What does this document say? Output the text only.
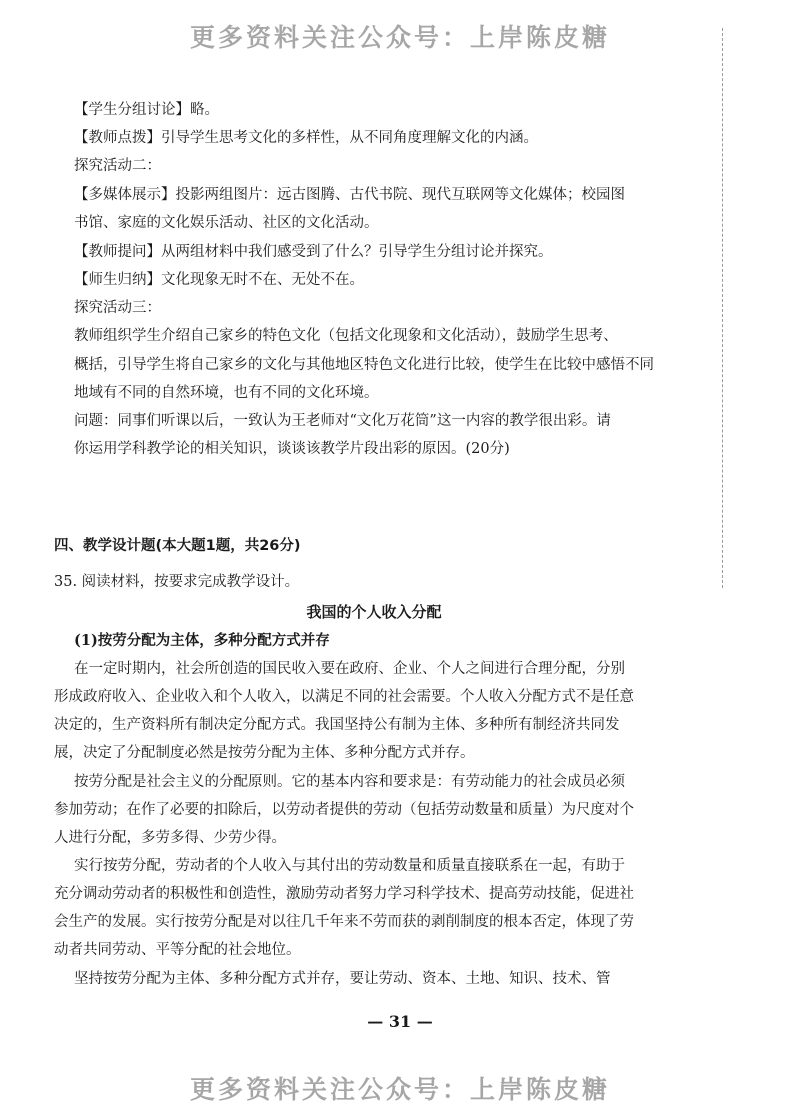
更多资料关注公众号：上岸陈皮糖
【学生分组讨论】略。
【教师点拨】引导学生思考文化的多样性，从不同角度理解文化的内涵。
探究活动二：
【多媒体展示】投影两组图片：远古图腾、古代书院、现代互联网等文化媒体；校园图
书馆、家庭的文化娱乐活动、社区的文化活动。
【教师提问】从两组材料中我们感受到了什么？引导学生分组讨论并探究。
【师生归纳】文化现象无时不在、无处不在。
探究活动三：
教师组织学生介绍自己家乡的特色文化（包括文化现象和文化活动），鼓励学生思考、
概括，引导学生将自己家乡的文化与其他地区特色文化进行比较，使学生在比较中感悟不同
地域有不同的自然环境，也有不同的文化环境。
问题：同事们听课以后，一致认为王老师对“文化万花筒”这一内容的教学很出彩。请
你运用学科教学论的相关知识，谈谈该教学片段出彩的原因。(20分)
四、教学设计题(本大题1题，共26分)
35. 阅读材料，按要求完成教学设计。
我国的个人收入分配
(1)按劳分配为主体，多种分配方式并存
在一定时期内，社会所创造的国民收入要在政府、企业、个人之间进行合理分配，分别
形成政府收入、企业收入和个人收入，以满足不同的社会需要。个人收入分配方式不是任意
决定的，生产资料所有制决定分配方式。我国坚持公有制为主体、多种所有制经济共同发
展，决定了分配制度必然是按劳分配为主体、多种分配方式并存。
按劳分配是社会主义的分配原则。它的基本内容和要求是：有劳动能力的社会成员必须
参加劳动；在作了必要的扣除后，以劳动者提供的劳动（包括劳动数量和质量）为尺度对个
人进行分配，多劳多得、少劳少得。
实行按劳分配，劳动者的个人收入与其付出的劳动数量和质量直接联系在一起，有助于
充分调动劳动者的积极性和创造性，激励劳动者努力学习科学技术、提高劳动技能，促进社
会生产的发展。实行按劳分配是对以往几千年来不劳而获的剥削制度的根本否定，体现了劳
动者共同劳动、平等分配的社会地位。
坚持按劳分配为主体、多种分配方式并存，要让劳动、资本、土地、知识、技术、管
— 31 —
更多资料关注公众号：上岸陈皮糖
